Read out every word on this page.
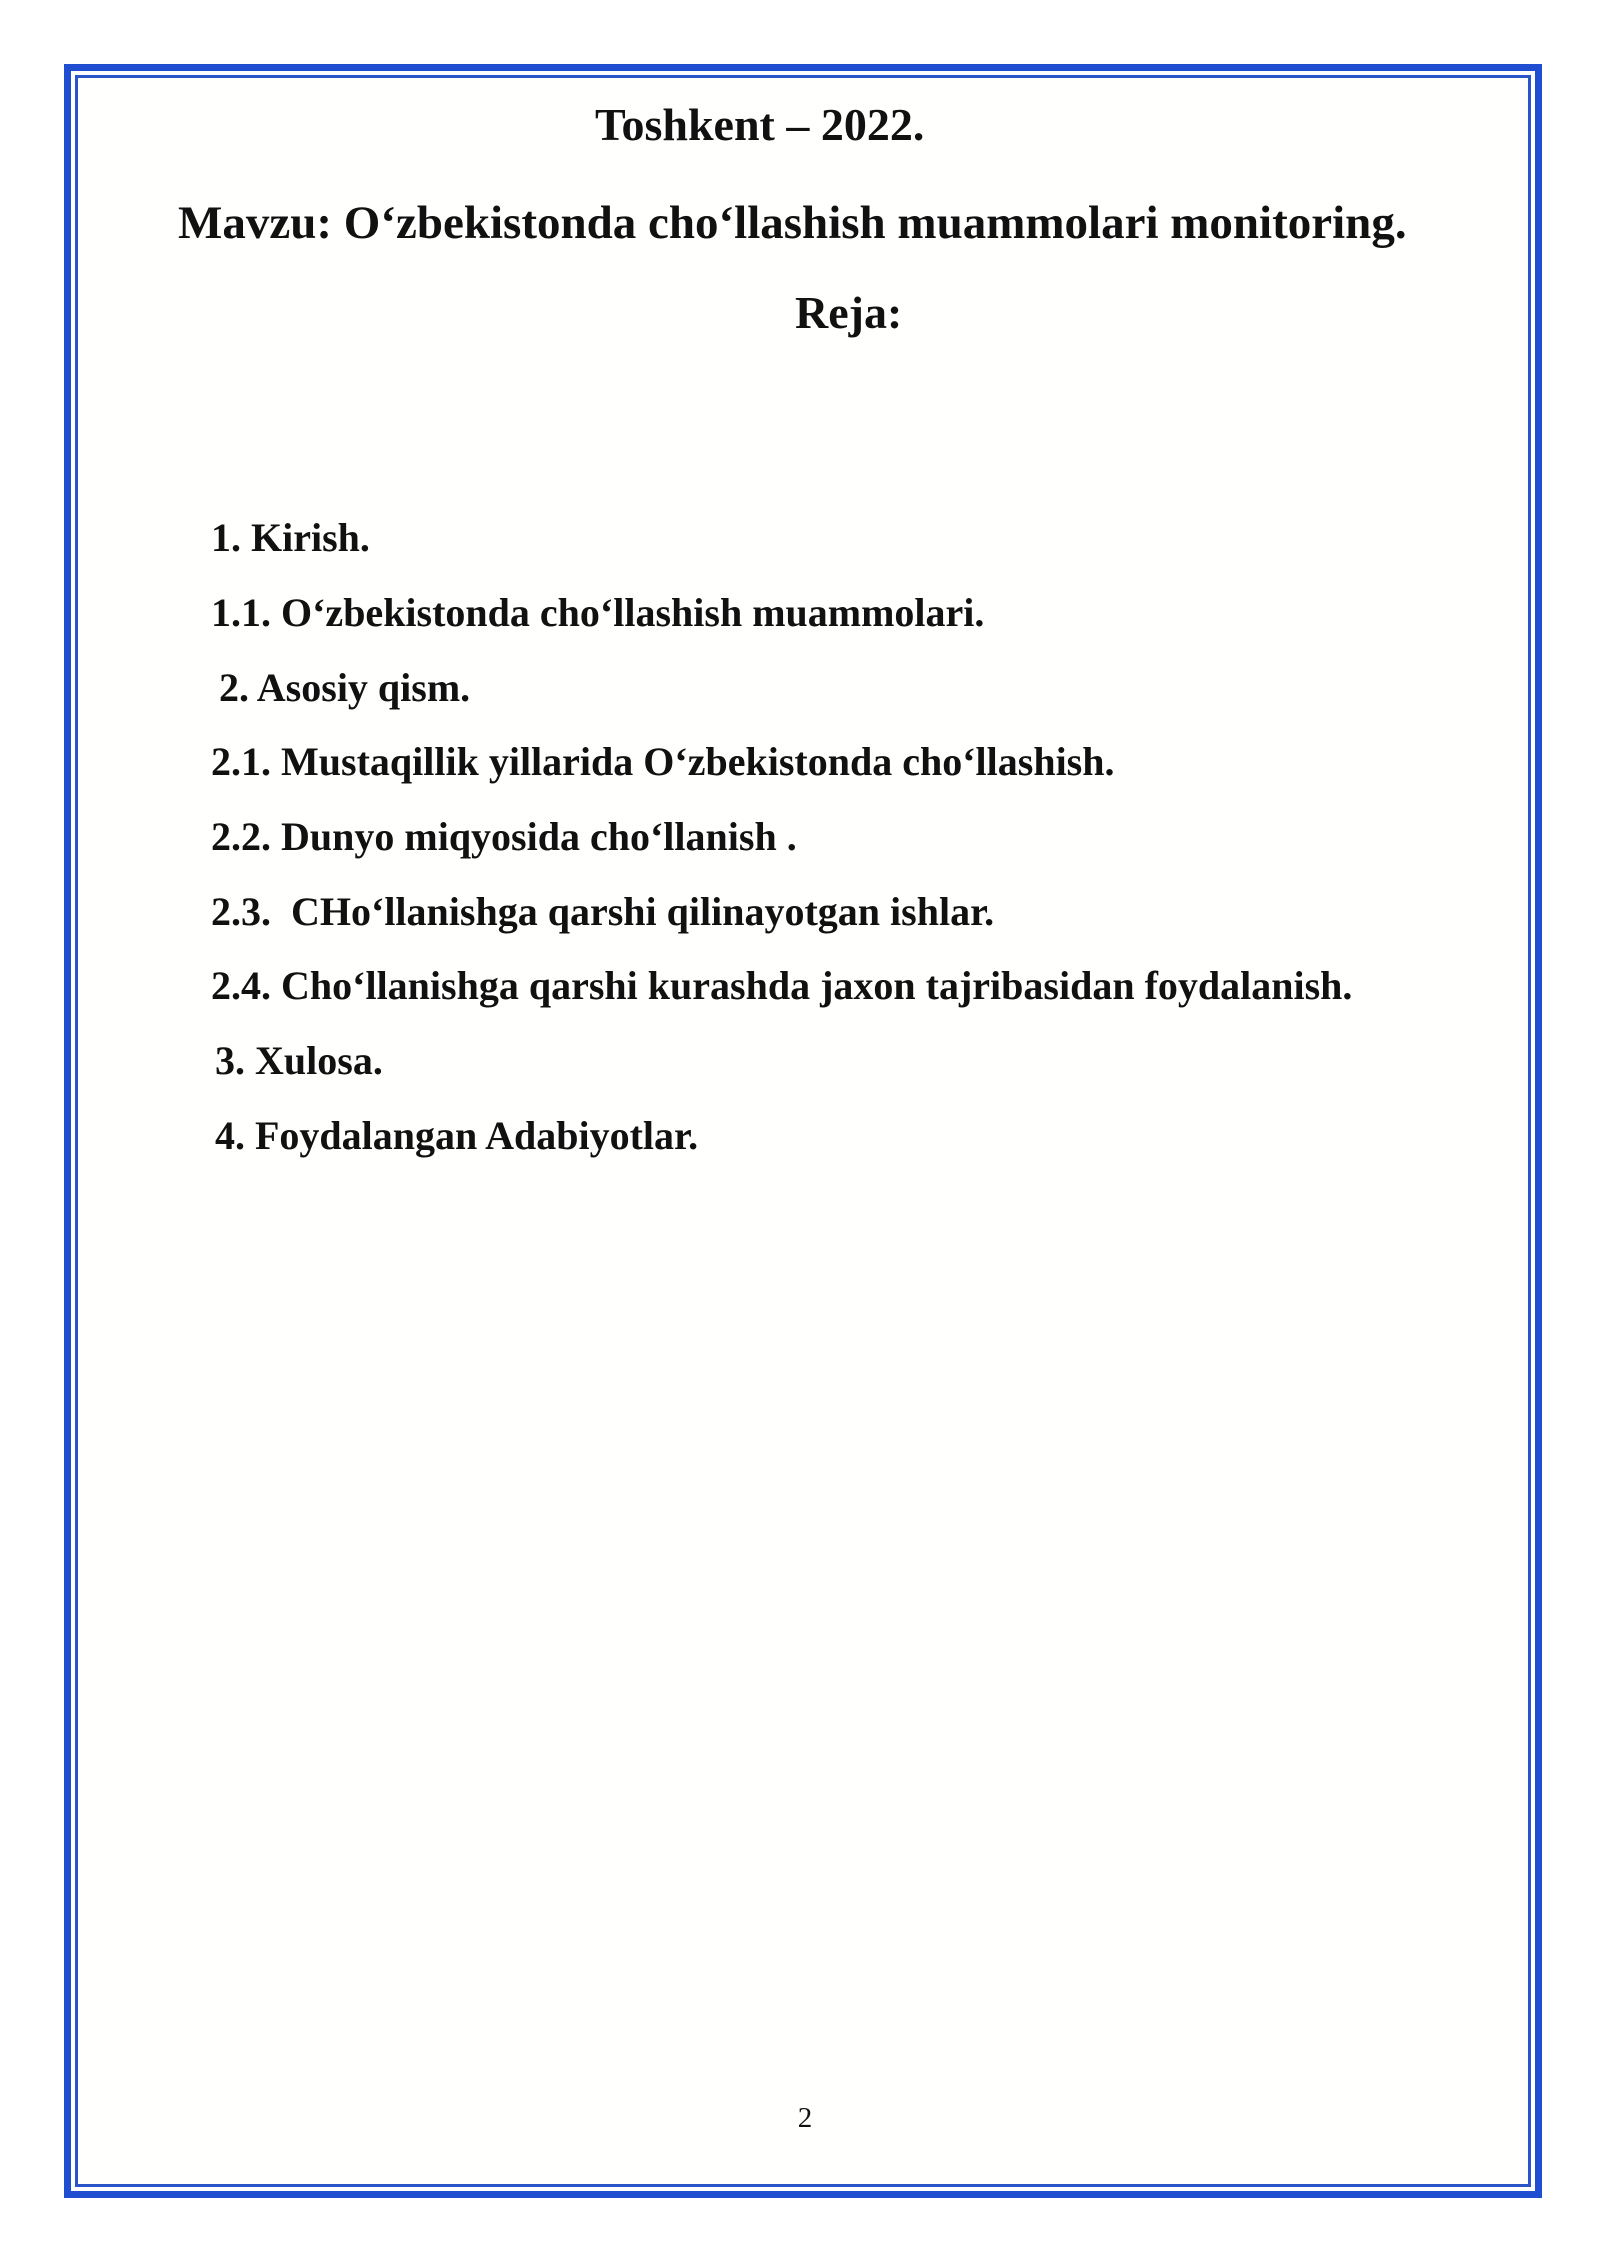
Toshkent – 2022.
Mavzu: O‘zbekistonda cho‘llashish muammolari monitoring.
Reja:
1. Kirish.
1.1. O‘zbekistonda cho‘llashish muammolari.
2. Asosiy qism.
2.1. Mustaqillik yillarida O‘zbekistonda cho‘llashish.
2.2. Dunyo miqyosida cho‘llanish .
2.3.  CHo‘llanishga qarshi qilinayotgan ishlar.
2.4. Cho‘llanishga qarshi kurashda jaxon tajribasidan foydalanish.
3. Xulosa.
4. Foydalangan Adabiyotlar.
2
